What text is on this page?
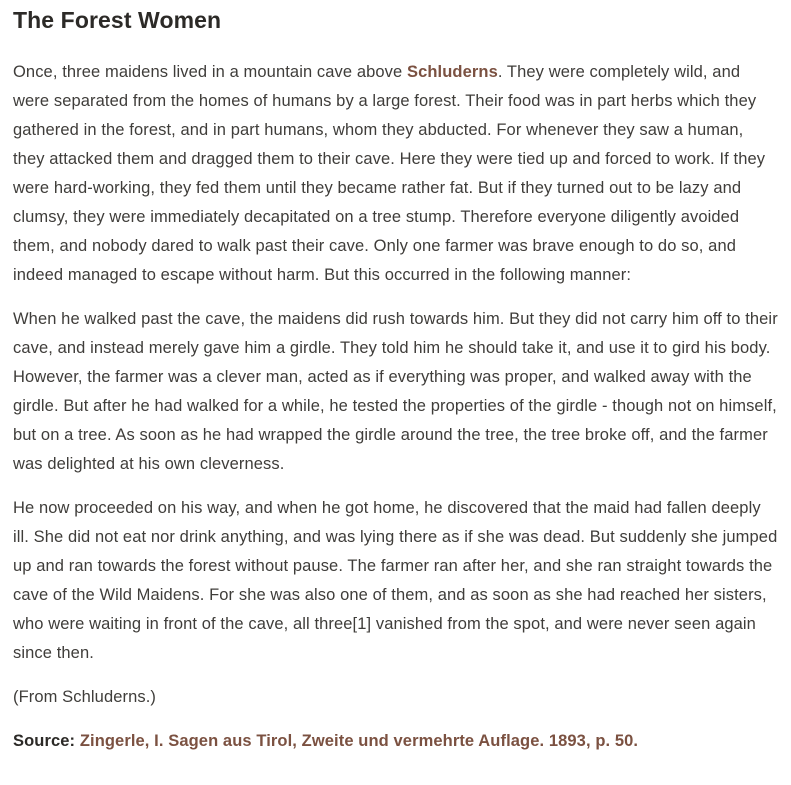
The Forest Women

Once, three maidens lived in a mountain cave above Schluderns. They were completely wild, and were separated from the homes of humans by a large forest. Their food was in part herbs which they gathered in the forest, and in part humans, whom they abducted. For whenever they saw a human, they attacked them and dragged them to their cave. Here they were tied up and forced to work. If they were hard-working, they fed them until they became rather fat. But if they turned out to be lazy and clumsy, they were immediately decapitated on a tree stump. Therefore everyone diligently avoided them, and nobody dared to walk past their cave. Only one farmer was brave enough to do so, and indeed managed to escape without harm. But this occurred in the following manner:

When he walked past the cave, the maidens did rush towards him. But they did not carry him off to their cave, and instead merely gave him a girdle. They told him he should take it, and use it to gird his body. However, the farmer was a clever man, acted as if everything was proper, and walked away with the girdle. But after he had walked for a while, he tested the properties of the girdle - though not on himself, but on a tree. As soon as he had wrapped the girdle around the tree, the tree broke off, and the farmer was delighted at his own cleverness.

He now proceeded on his way, and when he got home, he discovered that the maid had fallen deeply ill. She did not eat nor drink anything, and was lying there as if she was dead. But suddenly she jumped up and ran towards the forest without pause. The farmer ran after her, and she ran straight towards the cave of the Wild Maidens. For she was also one of them, and as soon as she had reached her sisters, who were waiting in front of the cave, all three[1] vanished from the spot, and were never seen again since then.

(From Schluderns.)

Source: Zingerle, I. Sagen aus Tirol, Zweite und vermehrte Auflage. 1893, p. 50.
